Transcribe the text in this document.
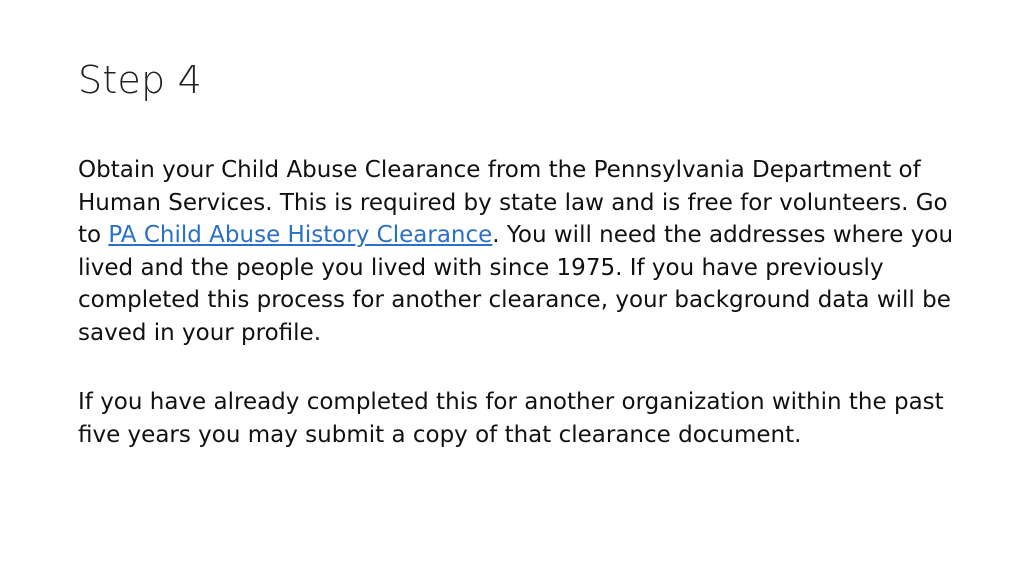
Step 4

Obtain your Child Abuse Clearance from the Pennsylvania Department of Human Services. This is required by state law and is free for volunteers. Go to PA Child Abuse History Clearance. You will need the addresses where you lived and the people you lived with since 1975. If you have previously completed this process for another clearance, your background data will be saved in your profile.

If you have already completed this for another organization within the past five years you may submit a copy of that clearance document.
